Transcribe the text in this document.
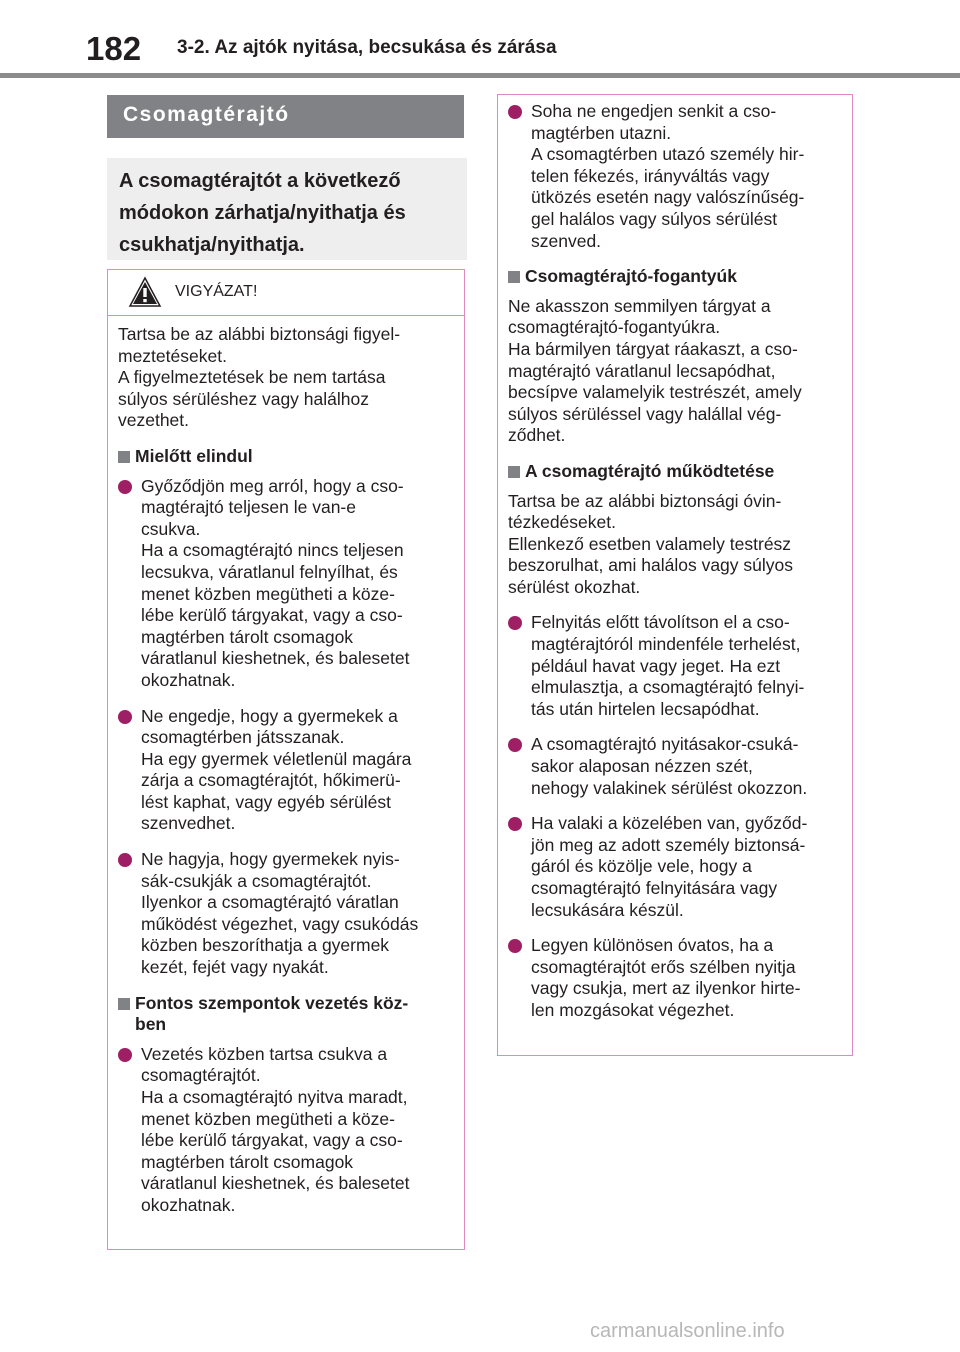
182 3-2. Az ajtók nyitása, becsukása és zárása
Csomagtérajtó
A csomagtérajtót a következő
módokon zárhatja/nyithatja és
csukhatja/nyithatja.
VIGYÁZAT!
Tartsa be az alábbi biztonsági figyel-
meztetéseket.
A figyelmeztetések be nem tartása
súlyos sérüléshez vagy halálhoz
vezethet.
Mielőtt elindul
Győződjön meg arról, hogy a cso-
magtérajtó teljesen le van-e
csukva.
Ha a csomagtérajtó nincs teljesen
lecsukva, váratlanul felnyílhat, és
menet közben megütheti a köze-
lébe kerülő tárgyakat, vagy a cso-
magtérben tárolt csomagok
váratlanul kieshetnek, és balesetet
okozhatnak.
Ne engedje, hogy a gyermekek a
csomagtérben játsszanak.
Ha egy gyermek véletlenül magára
zárja a csomagtérajtót, hőkimerü-
lést kaphat, vagy egyéb sérülést
szenvedhet.
Ne hagyja, hogy gyermekek nyis-
sák-csukják a csomagtérajtót.
Ilyenkor a csomagtérajtó váratlan
működést végezhet, vagy csukódás
közben beszoríthatja a gyermek
kezét, fejét vagy nyakát.
Fontos szempontok vezetés köz-
ben
Vezetés közben tartsa csukva a
csomagtérajtót.
Ha a csomagtérajtó nyitva maradt,
menet közben megütheti a köze-
lébe kerülő tárgyakat, vagy a cso-
magtérben tárolt csomagok
váratlanul kieshetnek, és balesetet
okozhatnak.
Soha ne engedjen senkit a cso-
magtérben utazni.
A csomagtérben utazó személy hir-
telen fékezés, irányváltás vagy
ütközés esetén nagy valószínűség-
gel halálos vagy súlyos sérülést
szenved.
Csomagtérajtó-fogantyúk
Ne akasszon semmilyen tárgyat a
csomagtérajtó-fogantyúkra.
Ha bármilyen tárgyat ráakaszt, a cso-
magtérajtó váratlanul lecsapódhat,
becsípve valamelyik testrészét, amely
súlyos sérüléssel vagy halállal vég-
ződhet.
A csomagtérajtó működtetése
Tartsa be az alábbi biztonsági óvin-
tézkedéseket.
Ellenkező esetben valamely testrész
beszorulhat, ami halálos vagy súlyos
sérülést okozhat.
Felnyitás előtt távolítson el a cso-
magtérajtóról mindenféle terhelést,
például havat vagy jeget. Ha ezt
elmulasztja, a csomagtérajtó felnyi-
tás után hirtelen lecsapódhat.
A csomagtérajtó nyitásakor-csuká-
sakor alaposan nézzen szét,
nehogy valakinek sérülést okozzon.
Ha valaki a közelében van, győződ-
jön meg az adott személy biztonsá-
gáról és közölje vele, hogy a
csomagtérajtó felnyitására vagy
lecsukására készül.
Legyen különösen óvatos, ha a
csomagtérajtót erős szélben nyitja
vagy csukja, mert az ilyenkor hirte-
len mozgásokat végezhet.
carmanualsonline.info
